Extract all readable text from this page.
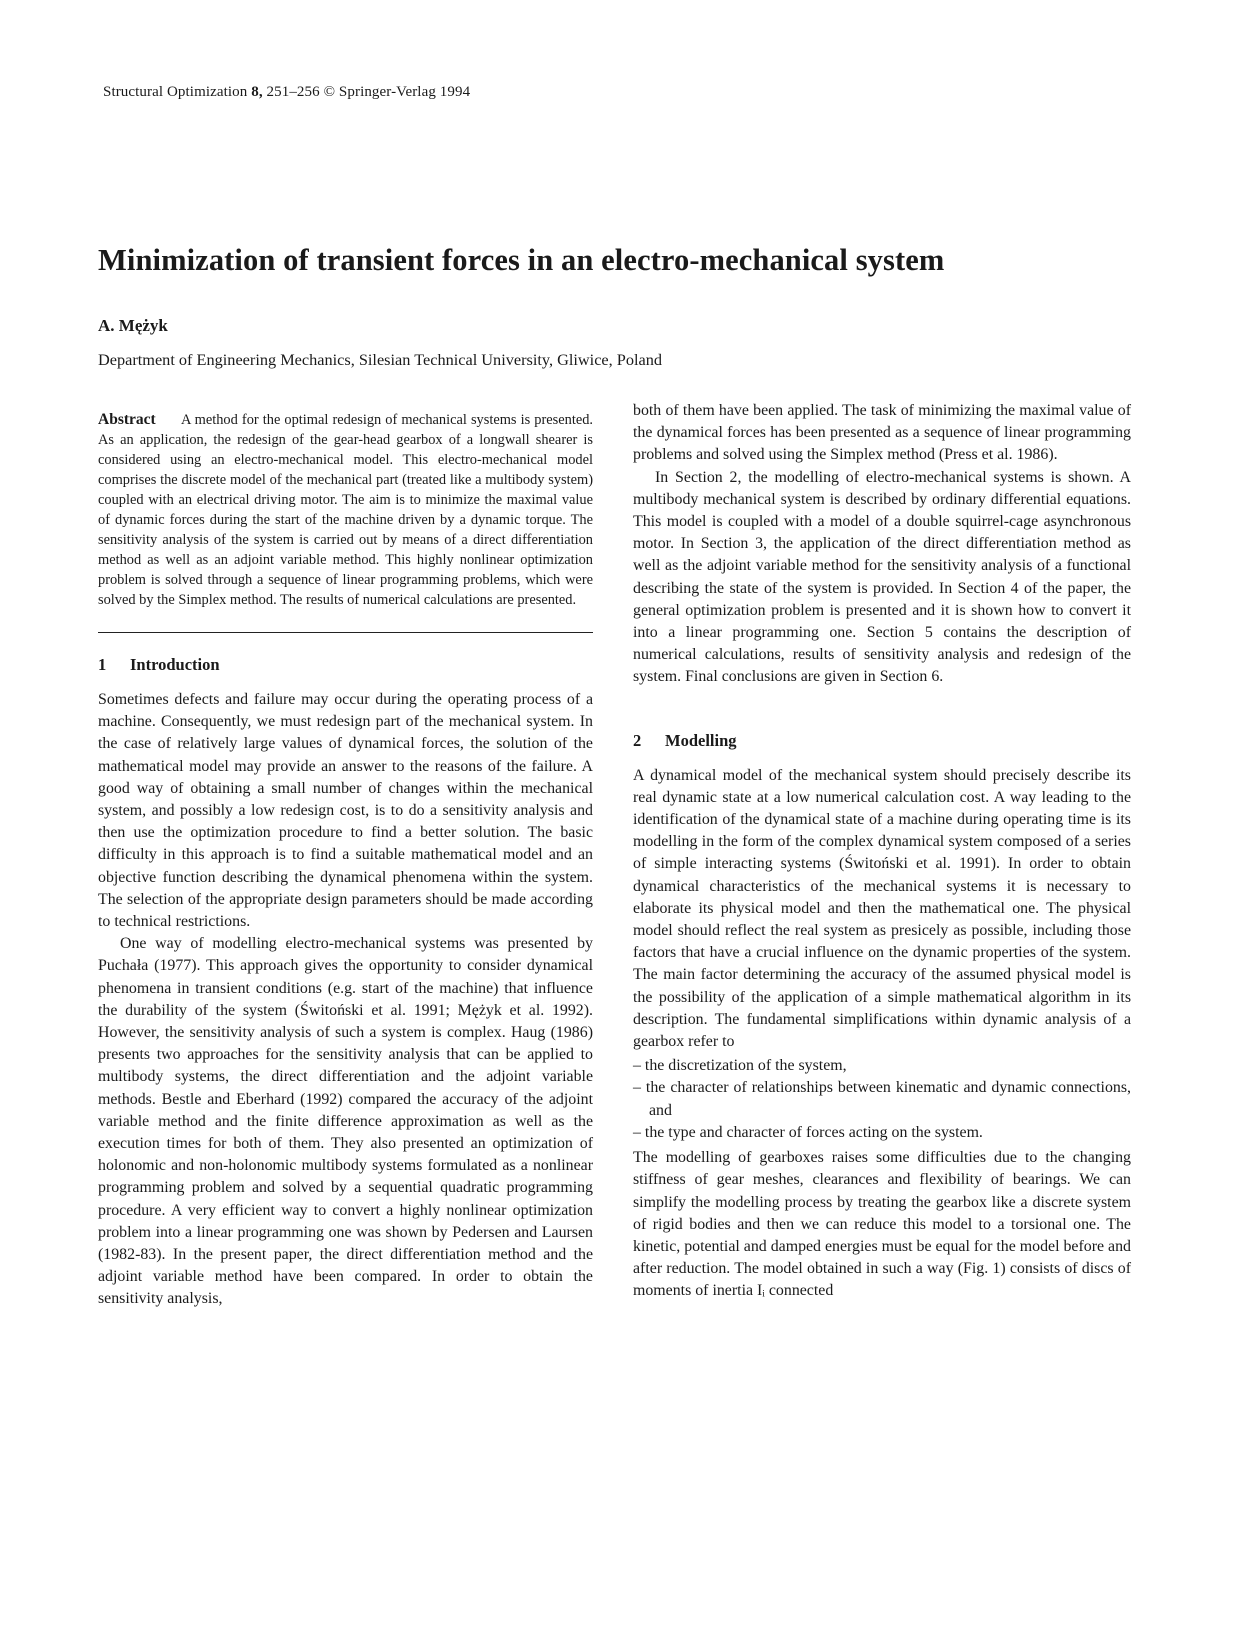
Structural Optimization 8, 251–256 © Springer-Verlag 1994
Minimization of transient forces in an electro-mechanical system
A. Mężyk
Department of Engineering Mechanics, Silesian Technical University, Gliwice, Poland

Abstract A method for the optimal redesign of mechanical systems is presented. As an application, the redesign of the gear-head gearbox of a longwall shearer is considered using an electro-mechanical model. This electro-mechanical model comprises the discrete model of the mechanical part (treated like a multibody system) coupled with an electrical driving motor. The aim is to minimize the maximal value of dynamic forces during the start of the machine driven by a dynamic torque. The sensitivity analysis of the system is carried out by means of a direct differentiation method as well as an adjoint variable method. This highly nonlinear optimization problem is solved through a sequence of linear programming problems, which were solved by the Simplex method. The results of numerical calculations are presented.

1 Introduction

Sometimes defects and failure may occur during the operating process of a machine. Consequently, we must redesign part of the mechanical system. In the case of relatively large values of dynamical forces, the solution of the mathematical model may provide an answer to the reasons of the failure. A good way of obtaining a small number of changes within the mechanical system, and possibly a low redesign cost, is to do a sensitivity analysis and then use the optimization procedure to find a better solution. The basic difficulty in this approach is to find a suitable mathematical model and an objective function describing the dynamical phenomena within the system. The selection of the appropriate design parameters should be made according to technical restrictions.

One way of modelling electro-mechanical systems was presented by Puchała (1977). This approach gives the opportunity to consider dynamical phenomena in transient conditions (e.g. start of the machine) that influence the durability of the system (Świtoński et al. 1991; Mężyk et al. 1992). However, the sensitivity analysis of such a system is complex. Haug (1986) presents two approaches for the sensitivity analysis that can be applied to multibody systems, the direct differentiation and the adjoint variable methods. Bestle and Eberhard (1992) compared the accuracy of the adjoint variable method and the finite difference approximation as well as the execution times for both of them. They also presented an optimization of holonomic and non-holonomic multibody systems formulated as a nonlinear programming problem and solved by a sequential quadratic programming procedure. A very efficient way to convert a highly nonlinear optimization problem into a linear programming one was shown by Pedersen and Laursen (1982-83). In the present paper, the direct differentiation method and the adjoint variable method have been compared. In order to obtain the sensitivity analysis,

both of them have been applied. The task of minimizing the maximal value of the dynamical forces has been presented as a sequence of linear programming problems and solved using the Simplex method (Press et al. 1986).

In Section 2, the modelling of electro-mechanical systems is shown. A multibody mechanical system is described by ordinary differential equations. This model is coupled with a model of a double squirrel-cage asynchronous motor. In Section 3, the application of the direct differentiation method as well as the adjoint variable method for the sensitivity analysis of a functional describing the state of the system is provided. In Section 4 of the paper, the general optimization problem is presented and it is shown how to convert it into a linear programming one. Section 5 contains the description of numerical calculations, results of sensitivity analysis and redesign of the system. Final conclusions are given in Section 6.

2 Modelling

A dynamical model of the mechanical system should precisely describe its real dynamic state at a low numerical calculation cost. A way leading to the identification of the dynamical state of a machine during operating time is its modelling in the form of the complex dynamical system composed of a series of simple interacting systems (Świtoński et al. 1991). In order to obtain dynamical characteristics of the mechanical systems it is necessary to elaborate its physical model and then the mathematical one. The physical model should reflect the real system as presicely as possible, including those factors that have a crucial influence on the dynamic properties of the system. The main factor determining the accuracy of the assumed physical model is the possibility of the application of a simple mathematical algorithm in its description. The fundamental simplifications within dynamic analysis of a gearbox refer to

– the discretization of the system,
– the character of relationships between kinematic and dynamic connections, and
– the type and character of forces acting on the system.

The modelling of gearboxes raises some difficulties due to the changing stiffness of gear meshes, clearances and flexibility of bearings. We can simplify the modelling process by treating the gearbox like a discrete system of rigid bodies and then we can reduce this model to a torsional one. The kinetic, potential and damped energies must be equal for the model before and after reduction. The model obtained in such a way (Fig. 1) consists of discs of moments of inertia Iᵢ connected
